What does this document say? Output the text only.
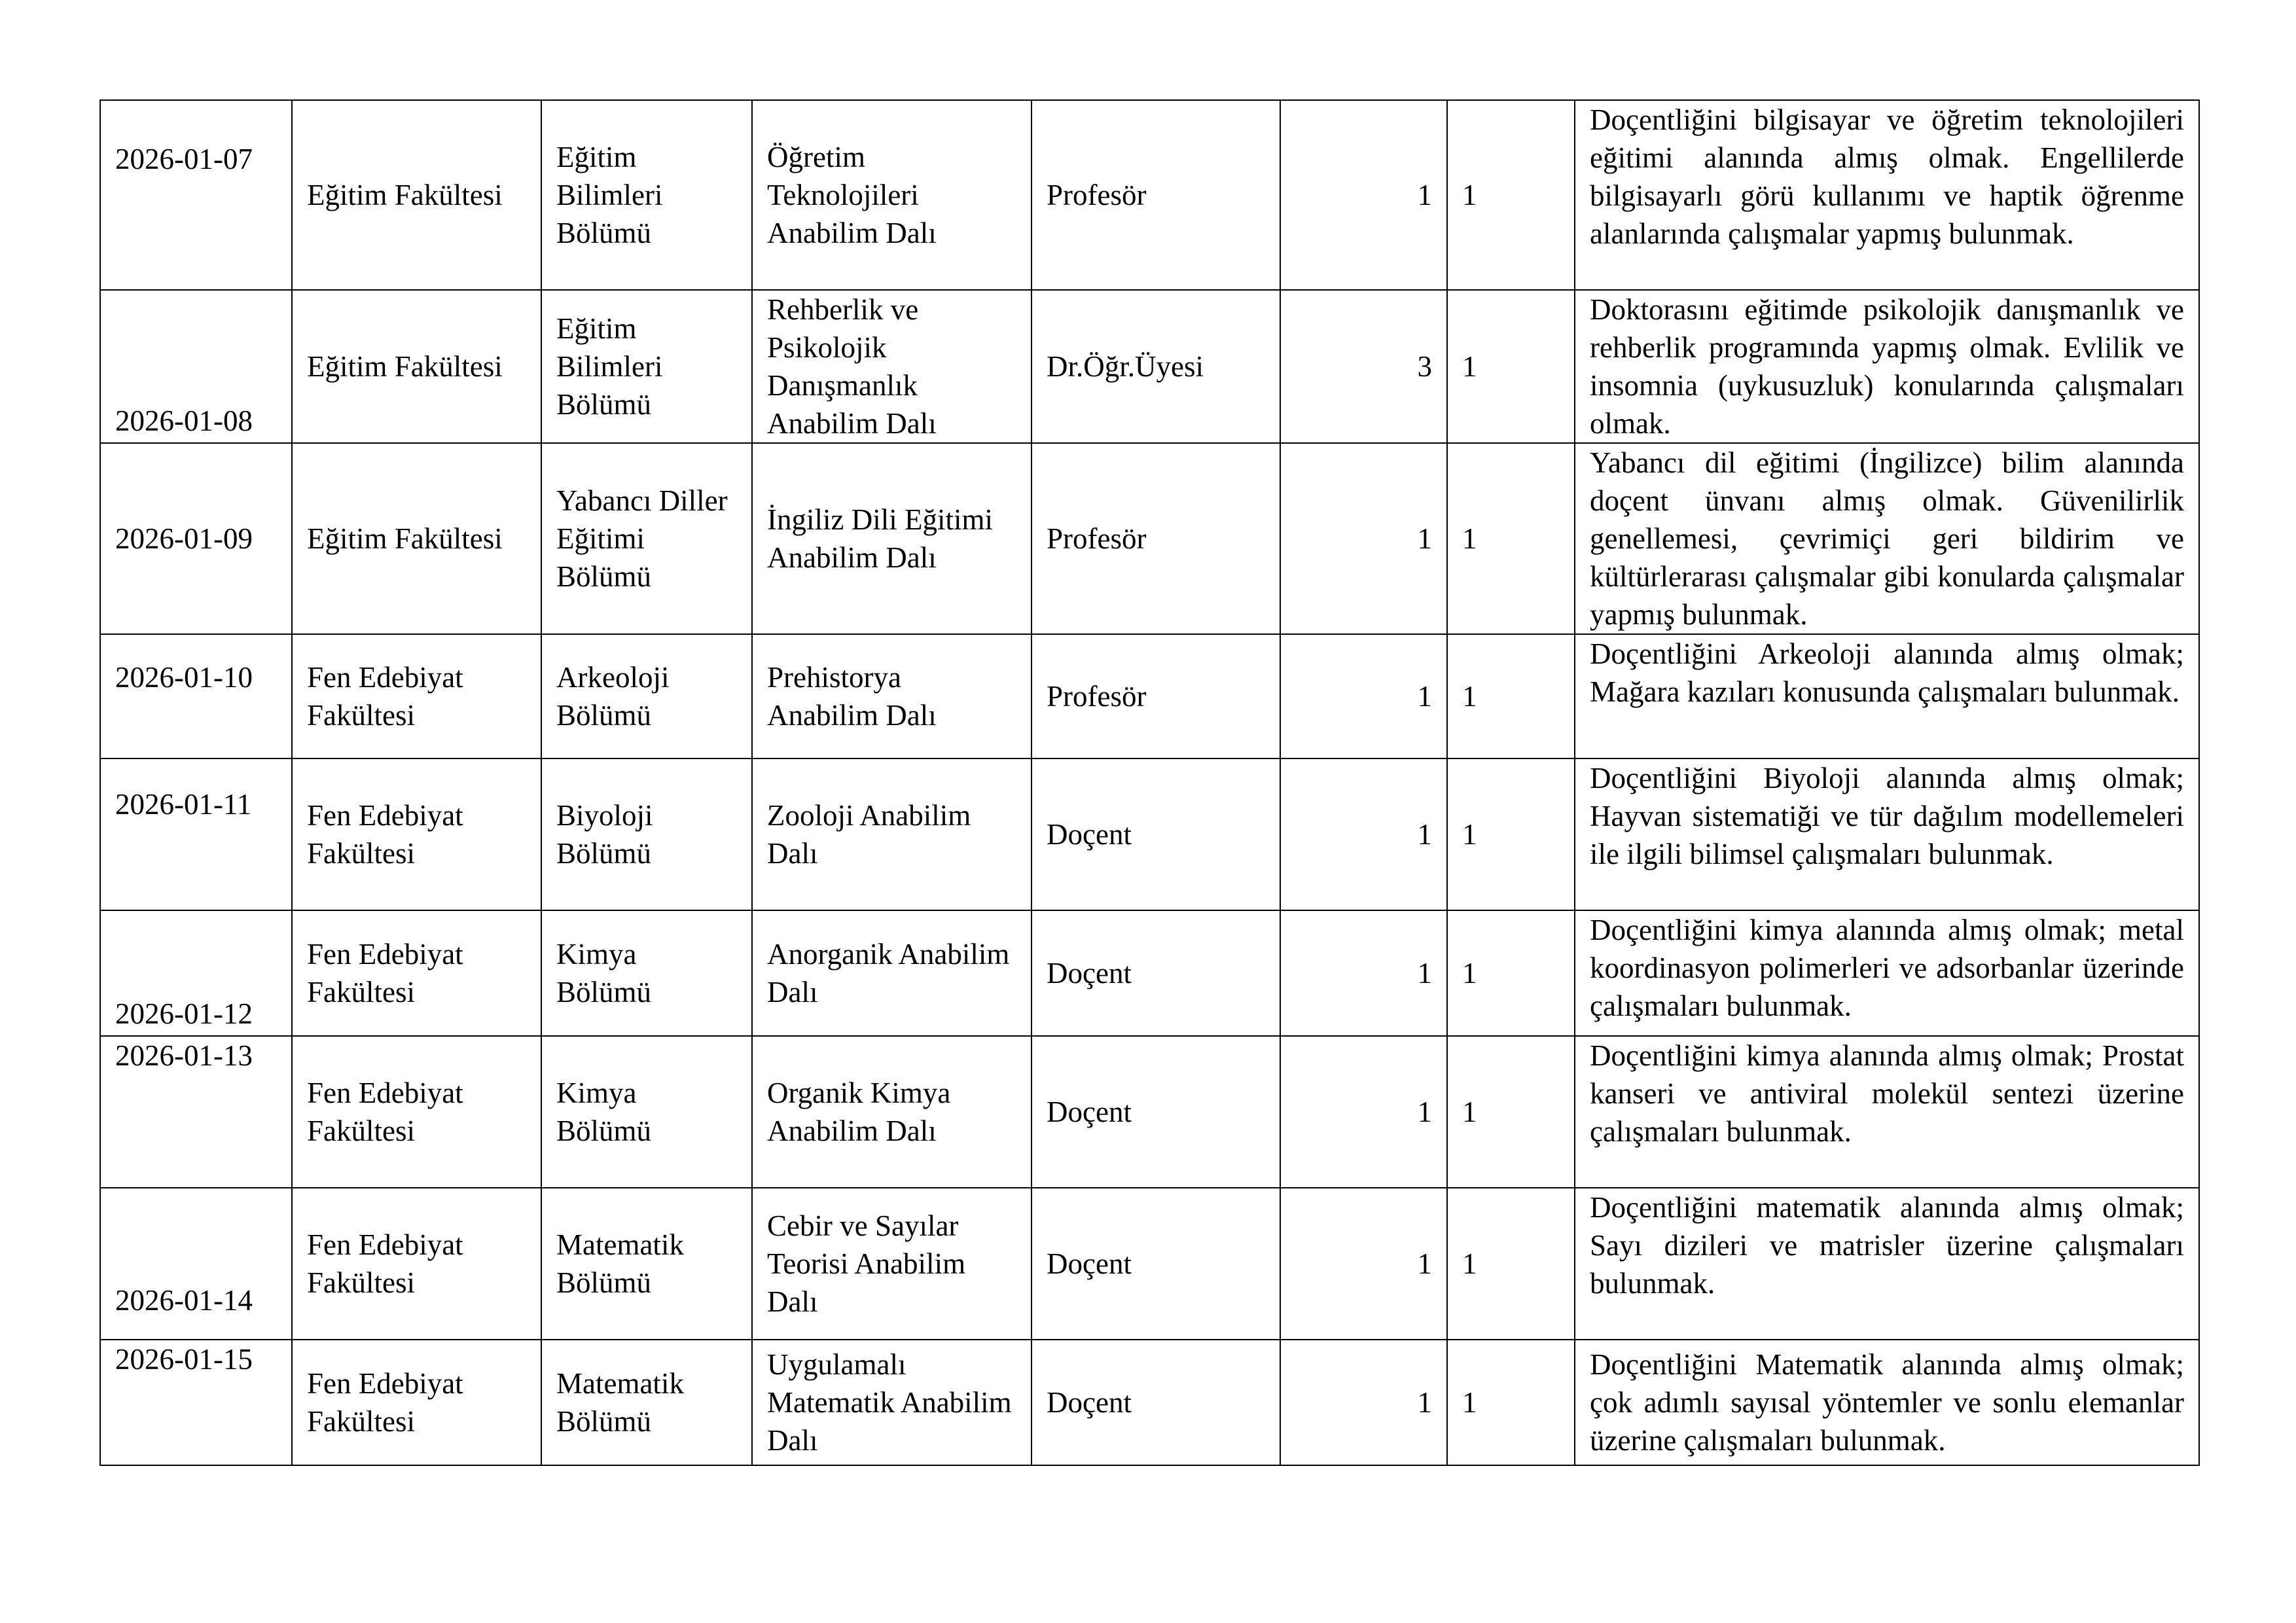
2026-01-07	Eğitim Fakültesi	Eğitim Bilimleri Bölümü	Öğretim Teknolojileri Anabilim Dalı	Profesör	1	1	Doçentliğini bilgisayar ve öğretim teknolojileri eğitimi alanında almış olmak. Engellilerde bilgisayarlı görü kullanımı ve haptik öğrenme alanlarında çalışmalar yapmış bulunmak.
2026-01-08	Eğitim Fakültesi	Eğitim Bilimleri Bölümü	Rehberlik ve Psikolojik Danışmanlık Anabilim Dalı	Dr.Öğr.Üyesi	3	1	Doktorasını eğitimde psikolojik danışmanlık ve rehberlik programında yapmış olmak. Evlilik ve insomnia (uykusuzluk) konularında çalışmaları olmak.
2026-01-09	Eğitim Fakültesi	Yabancı Diller Eğitimi Bölümü	İngiliz Dili Eğitimi Anabilim Dalı	Profesör	1	1	Yabancı dil eğitimi (İngilizce) bilim alanında doçent ünvanı almış olmak. Güvenilirlik genellemesi, çevrimiçi geri bildirim ve kültürlerarası çalışmalar gibi konularda çalışmalar yapmış bulunmak.
2026-01-10	Fen Edebiyat Fakültesi	Arkeoloji Bölümü	Prehistorya Anabilim Dalı	Profesör	1	1	Doçentliğini Arkeoloji alanında almış olmak; Mağara kazıları konusunda çalışmaları bulunmak.
2026-01-11	Fen Edebiyat Fakültesi	Biyoloji Bölümü	Zooloji Anabilim Dalı	Doçent	1	1	Doçentliğini Biyoloji alanında almış olmak; Hayvan sistematiği ve tür dağılım modellemeleri ile ilgili bilimsel çalışmaları bulunmak.
2026-01-12	Fen Edebiyat Fakültesi	Kimya Bölümü	Anorganik Anabilim Dalı	Doçent	1	1	Doçentliğini kimya alanında almış olmak; metal koordinasyon polimerleri ve adsorbanlar üzerinde çalışmaları bulunmak.
2026-01-13	Fen Edebiyat Fakültesi	Kimya Bölümü	Organik Kimya Anabilim Dalı	Doçent	1	1	Doçentliğini kimya alanında almış olmak; Prostat kanseri ve antiviral molekül sentezi üzerine çalışmaları bulunmak.
2026-01-14	Fen Edebiyat Fakültesi	Matematik Bölümü	Cebir ve Sayılar Teorisi Anabilim Dalı	Doçent	1	1	Doçentliğini matematik alanında almış olmak; Sayı dizileri ve matrisler üzerine çalışmaları bulunmak.
2026-01-15	Fen Edebiyat Fakültesi	Matematik Bölümü	Uygulamalı Matematik Anabilim Dalı	Doçent	1	1	Doçentliğini Matematik alanında almış olmak; çok adımlı sayısal yöntemler ve sonlu elemanlar üzerine çalışmaları bulunmak.
